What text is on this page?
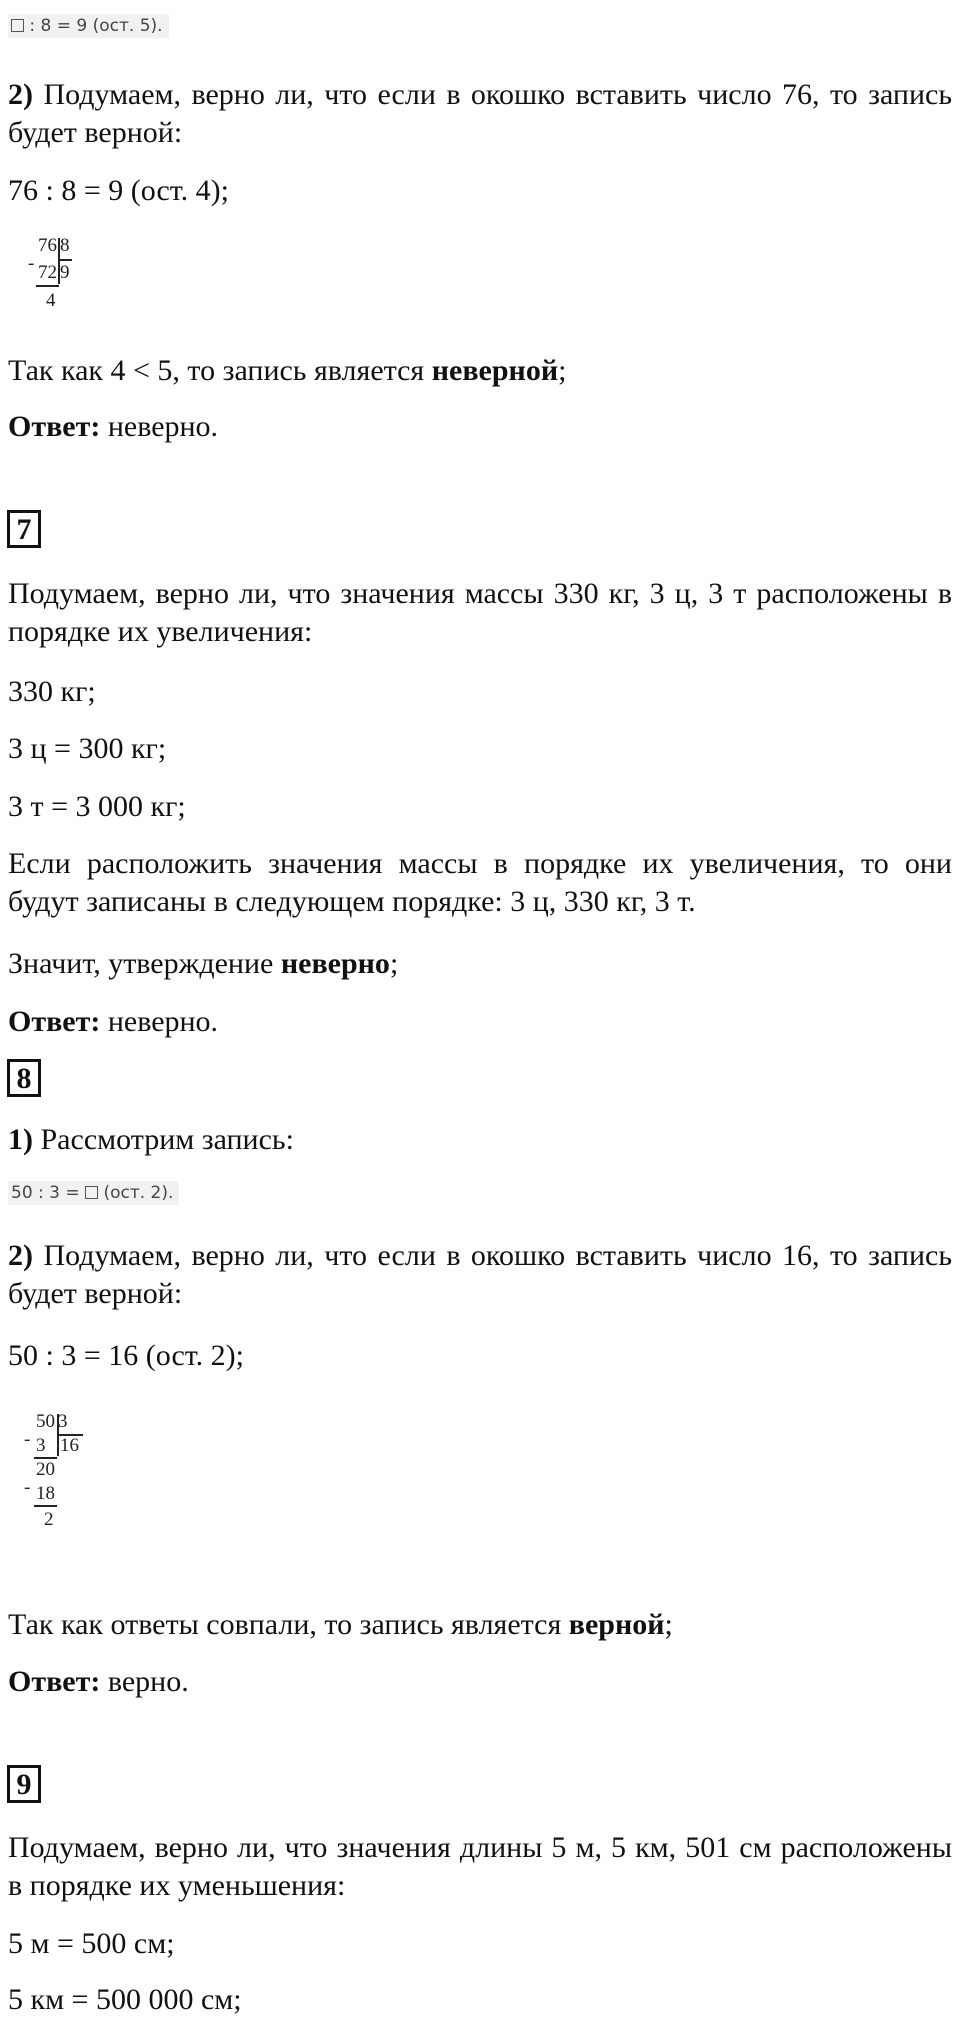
: 8 = 9 (ост. 5).
2) Подумаем, верно ли, что если в окошко вставить число 76, то запись будет верной:
76 : 8 = 9 (ост. 4);
76 8
- 72 9
4
Так как 4 < 5, то запись является неверной;
Ответ: неверно.
7
Подумаем, верно ли, что значения массы 330 кг, 3 ц, 3 т расположены в порядке их увеличения:
330 кг;
3 ц = 300 кг;
3 т = 3 000 кг;
Если расположить значения массы в порядке их увеличения, то они будут записаны в следующем порядке: 3 ц, 330 кг, 3 т.
Значит, утверждение неверно;
Ответ: неверно.
8
1) Рассмотрим запись:
50 : 3 =  (ост. 2).
2) Подумаем, верно ли, что если в окошко вставить число 16, то запись будет верной:
50 : 3 = 16 (ост. 2);
50 3
- 3 16
20
- 18
2
Так как ответы совпали, то запись является верной;
Ответ: верно.
9
Подумаем, верно ли, что значения длины 5 м, 5 км, 501 см расположены в порядке их уменьшения:
5 м = 500 см;
5 км = 500 000 см;
